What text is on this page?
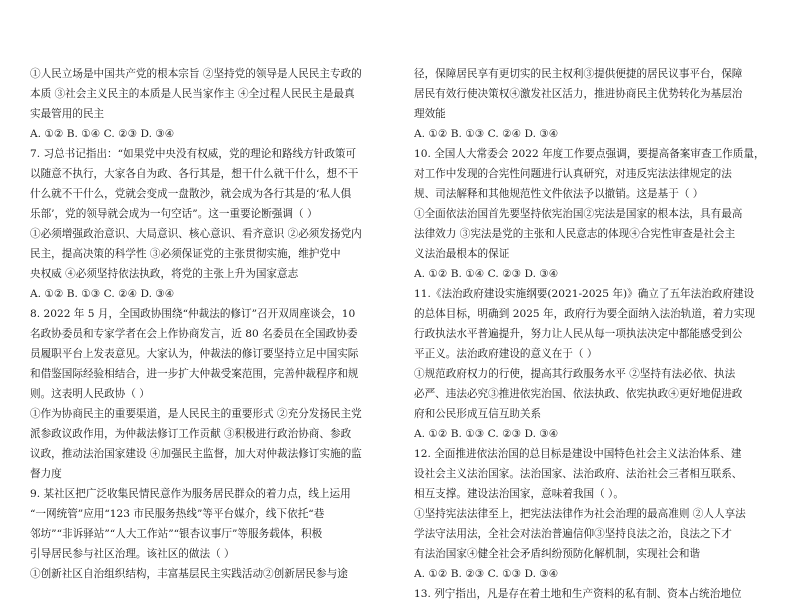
①人民立场是中国共产党的根本宗旨 ②坚持党的领导是人民民主专政的
本质 ③社会主义民主的本质是人民当家作主 ④全过程人民民主是最真
实最管用的民主
A. ①② B. ①④ C. ②③ D. ③④
7. 习总书记指出：“如果党中央没有权威，党的理论和路线方针政策可
以随意不执行，大家各自为政、各行其是，想干什么就干什么，想不干
什么就不干什么，党就会变成一盘散沙，就会成为各行其是的‘私人俱
乐部’，党的领导就会成为一句空话”。这一重要论断强调（ ）
①必须增强政治意识、大局意识、核心意识、看齐意识 ②必须发扬党内
民主，提高决策的科学性 ③必须保证党的主张贯彻实施，维护党中
央权威 ④必须坚持依法执政，将党的主张上升为国家意志
A. ①② B. ①③ C. ②④ D. ③④
8. 2022 年 5 月，全国政协围绕“仲裁法的修订”召开双周座谈会，10
名政协委员和专家学者在会上作协商发言，近 80 名委员在全国政协委
员履职平台上发表意见。大家认为，仲裁法的修订要坚持立足中国实际
和借鉴国际经验相结合，进一步扩大仲裁受案范围，完善仲裁程序和规
则。这表明人民政协（ ）
①作为协商民主的重要渠道，是人民民主的重要形式 ②充分发扬民主党
派参政议政作用，为仲裁法修订工作贡献 ③积极进行政治协商、参政
议政，推动法治国家建设 ④加强民主监督，加大对仲裁法修订实施的监
督力度
9. 某社区把广泛收集民情民意作为服务居民群众的着力点，线上运用
“一网统管”应用“123 市民服务热线”等平台媒介，线下依托“巷
邻坊”“非诉驿站”“人大工作站”“银杏议事厅”等服务载体，积极
引导居民参与社区治理。该社区的做法（ ）
①创新社区自治组织结构，丰富基层民主实践活动②创新居民参与途
径，保障居民享有更切实的民主权利③提供便捷的居民议事平台，保障
居民有效行使决策权④激发社区活力，推进协商民主优势转化为基层治
理效能
A. ①② B. ①③ C. ②④ D. ③④
10. 全国人大常委会 2022 年度工作要点强调，要提高备案审查工作质量，
对工作中发现的合宪性问题进行认真研究，对违反宪法法律规定的法
规、司法解释和其他规范性文件依法予以撤销。这是基于（ ）
①全面依法治国首先要坚持依宪治国②宪法是国家的根本法，具有最高
法律效力 ③宪法是党的主张和人民意志的体现④合宪性审查是社会主
义法治最根本的保证
A. ①② B. ①④ C. ②③ D. ③④
11.《法治政府建设实施纲要(2021-2025 年)》确立了五年法治政府建设
的总体目标，明确到 2025 年，政府行为要全面纳入法治轨道，着力实现
行政执法水平普遍提升，努力让人民从每一项执法决定中都能感受到公
平正义。法治政府建设的意义在于（ ）
①规范政府权力的行使，提高其行政服务水平 ②坚持有法必依、执法
必严、违法必究③推进依宪治国、依法执政、依宪执政④更好地促进政
府和公民形成互信互助关系
A. ①② B. ①③ C. ②③ D. ③④
12. 全面推进依法治国的总目标是建设中国特色社会主义法治体系、建
设社会主义法治国家。法治国家、法治政府、法治社会三者相互联系、
相互支撑。建设法治国家，意味着我国（ ）。
①坚持宪法法律至上，把宪法法律作为社会治理的最高准则 ②人人享法
学法守法用法，全社会对法治普遍信仰③坚持良法之治，良法之下才
有法治国家④健全社会矛盾纠纷预防化解机制，实现社会和谐
A. ①② B. ②③ C. ①③ D. ③④
13. 列宁指出，凡是存在着土地和生产资料的私有制、资本占统治地位
